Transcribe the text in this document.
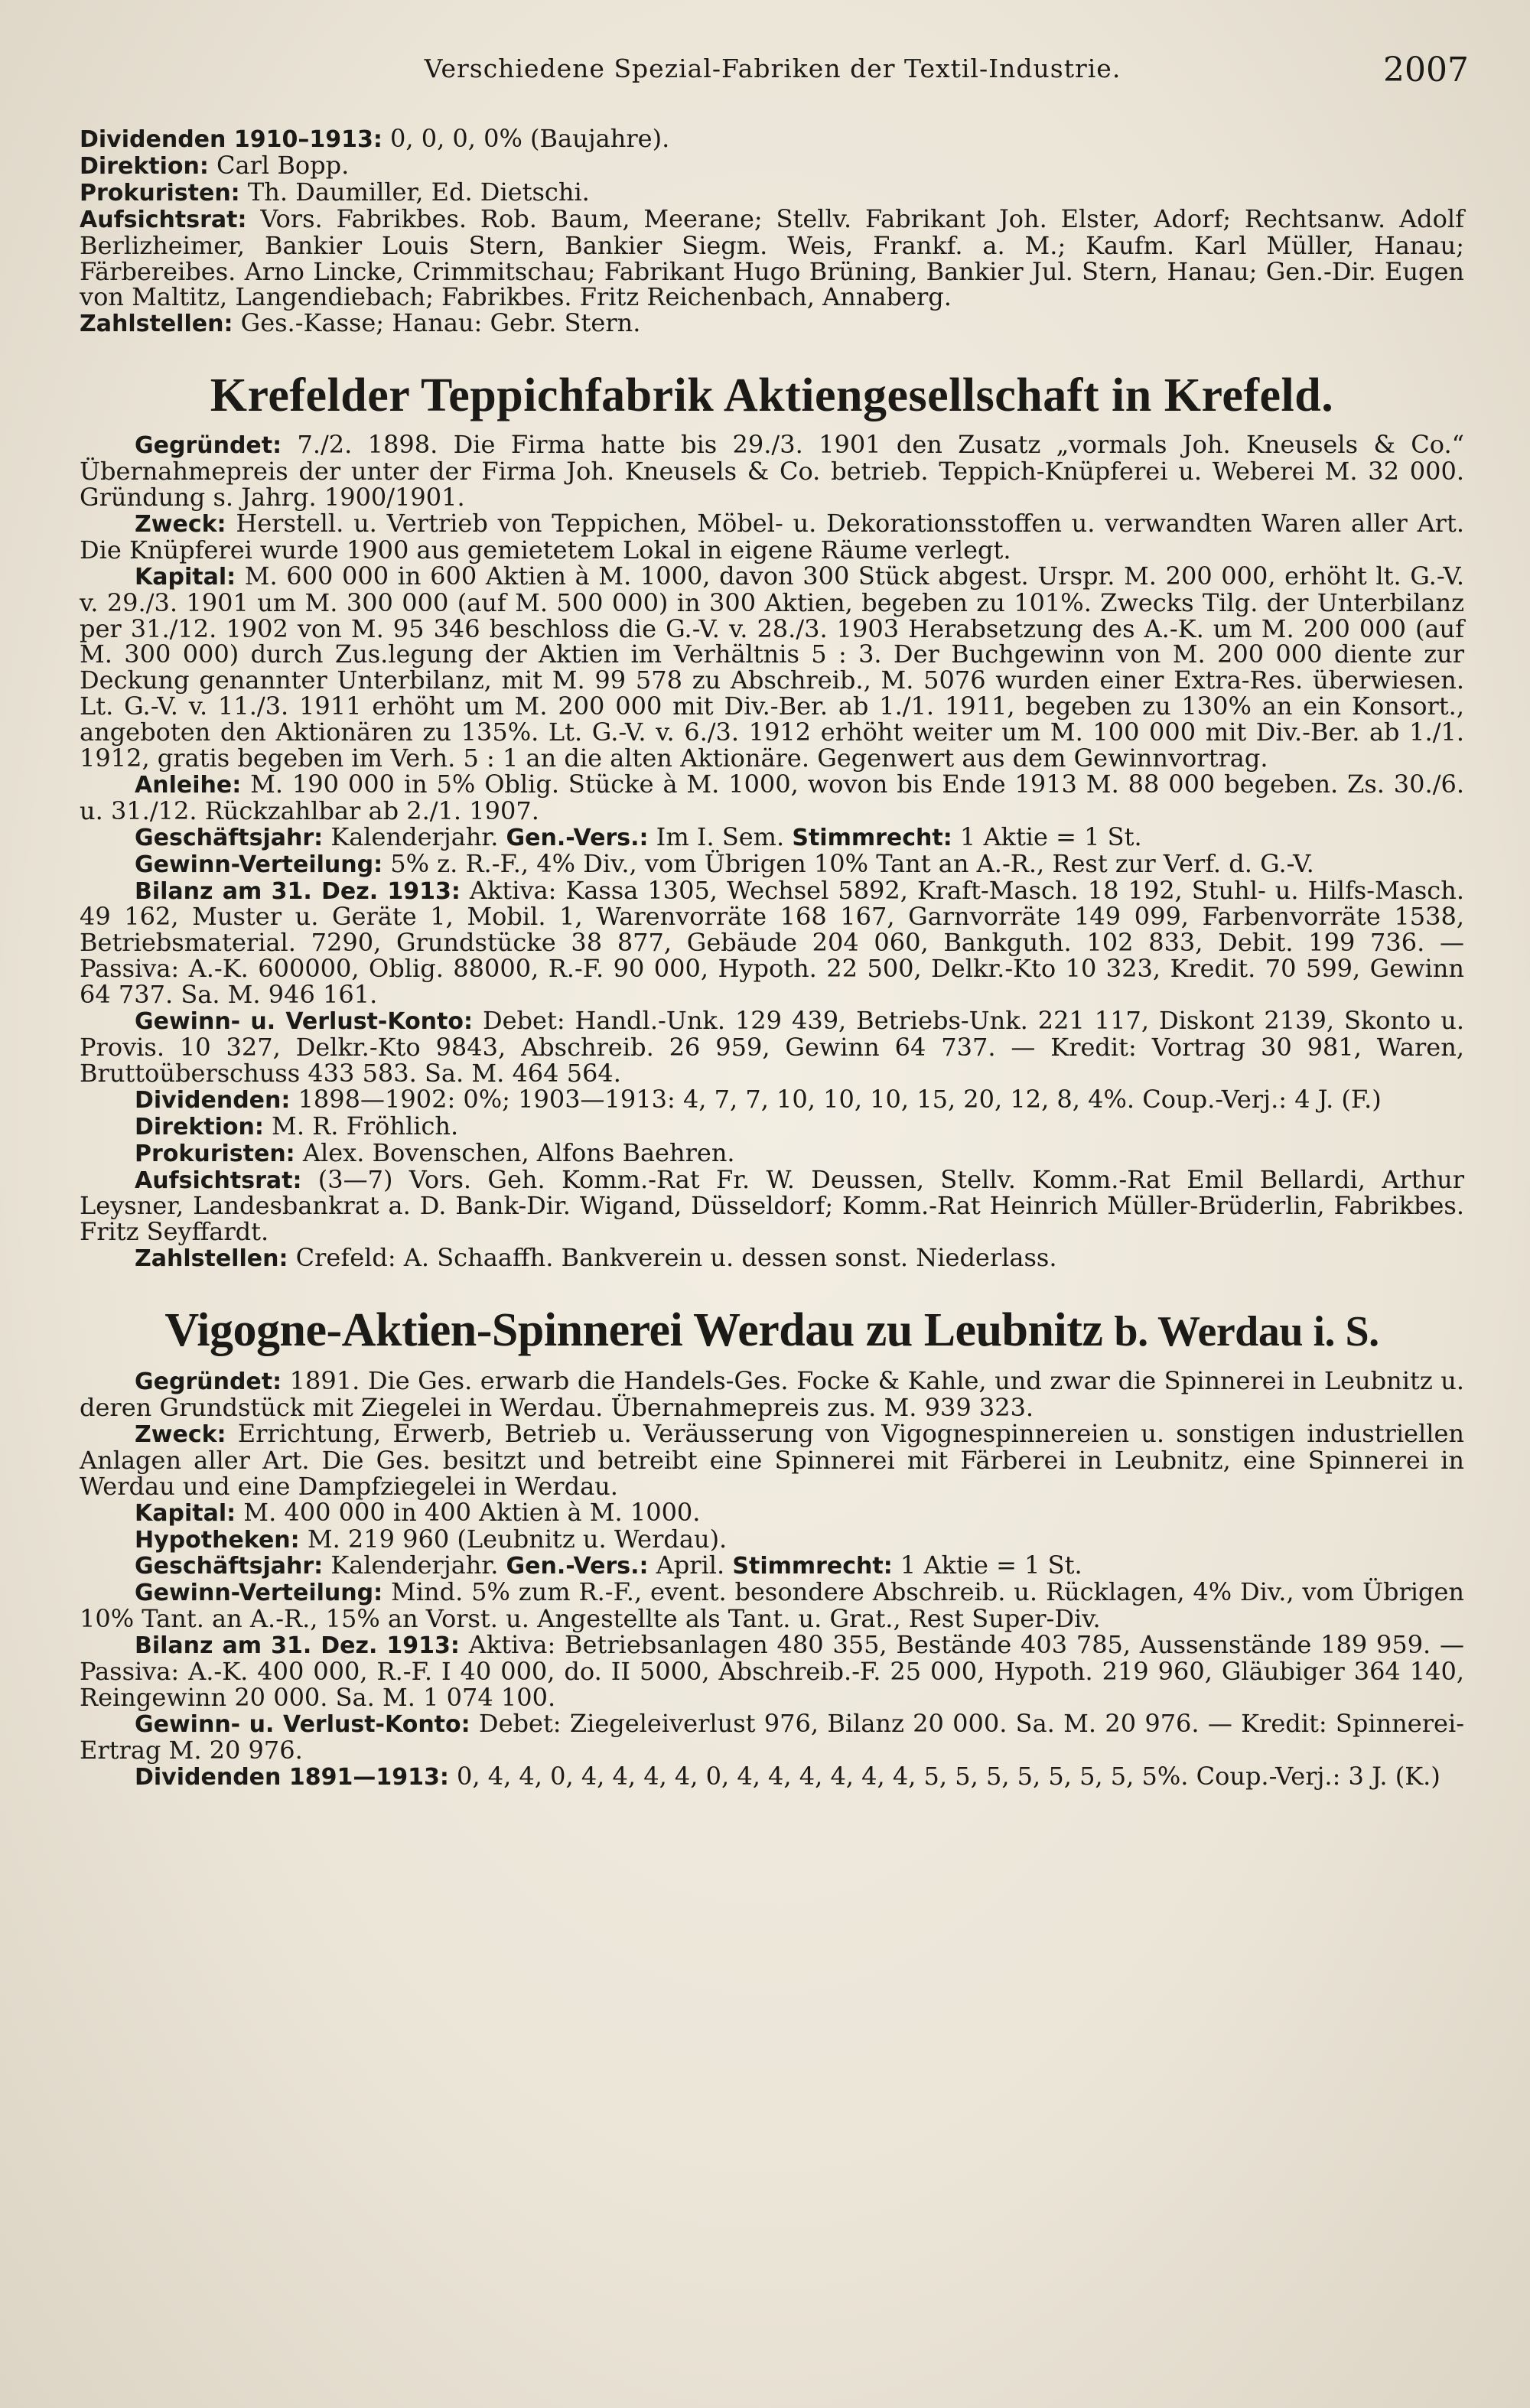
Verschiedene Spezial-Fabriken der Textil-Industrie.	2007

Dividenden 1910–1913: 0, 0, 0, 0% (Baujahre).

Direktion: Carl Bopp.

Prokuristen: Th. Daumiller, Ed. Dietschi.

Aufsichtsrat: Vors. Fabrikbes. Rob. Baum, Meerane; Stellv. Fabrikant Joh. Elster, Adorf; Rechtsanw. Adolf Berlizheimer, Bankier Louis Stern, Bankier Siegm. Weis, Frankf. a. M.; Kaufm. Karl Müller, Hanau; Färbereibes. Arno Lincke, Crimmitschau; Fabrikant Hugo Brüning, Bankier Jul. Stern, Hanau; Gen.-Dir. Eugen von Maltitz, Langendiebach; Fabrikbes. Fritz Reichenbach, Annaberg.

Zahlstellen: Ges.-Kasse; Hanau: Gebr. Stern.

Krefelder Teppichfabrik Aktiengesellschaft in Krefeld.

Gegründet: 7./2. 1898. Die Firma hatte bis 29./3. 1901 den Zusatz „vormals Joh. Kneusels & Co.“ Übernahmepreis der unter der Firma Joh. Kneusels & Co. betrieb. Teppich-Knüpferei u. Weberei M. 32 000. Gründung s. Jahrg. 1900/1901.

Zweck: Herstell. u. Vertrieb von Teppichen, Möbel- u. Dekorationsstoffen u. verwandten Waren aller Art. Die Knüpferei wurde 1900 aus gemietetem Lokal in eigene Räume verlegt.

Kapital: M. 600 000 in 600 Aktien à M. 1000, davon 300 Stück abgest. Urspr. M. 200 000, erhöht lt. G.-V. v. 29./3. 1901 um M. 300 000 (auf M. 500 000) in 300 Aktien, begeben zu 101%. Zwecks Tilg. der Unterbilanz per 31./12. 1902 von M. 95 346 beschloss die G.-V. v. 28./3. 1903 Herabsetzung des A.-K. um M. 200 000 (auf M. 300 000) durch Zus.legung der Aktien im Verhältnis 5 : 3. Der Buchgewinn von M. 200 000 diente zur Deckung genannter Unterbilanz, mit M. 99 578 zu Abschreib., M. 5076 wurden einer Extra-Res. überwiesen. Lt. G.-V. v. 11./3. 1911 erhöht um M. 200 000 mit Div.-Ber. ab 1./1. 1911, begeben zu 130% an ein Konsort., angeboten den Aktionären zu 135%. Lt. G.-V. v. 6./3. 1912 erhöht weiter um M. 100 000 mit Div.-Ber. ab 1./1. 1912, gratis begeben im Verh. 5 : 1 an die alten Aktionäre. Gegenwert aus dem Gewinnvortrag.

Anleihe: M. 190 000 in 5% Oblig. Stücke à M. 1000, wovon bis Ende 1913 M. 88 000 begeben. Zs. 30./6. u. 31./12. Rückzahlbar ab 2./1. 1907.

Geschäftsjahr: Kalenderjahr. Gen.-Vers.: Im I. Sem. Stimmrecht: 1 Aktie = 1 St.

Gewinn-Verteilung: 5% z. R.-F., 4% Div., vom Übrigen 10% Tant an A.-R., Rest zur Verf. d. G.-V.

Bilanz am 31. Dez. 1913: Aktiva: Kassa 1305, Wechsel 5892, Kraft-Masch. 18 192, Stuhl- u. Hilfs-Masch. 49 162, Muster u. Geräte 1, Mobil. 1, Warenvorräte 168 167, Garnvorräte 149 099, Farbenvorräte 1538, Betriebsmaterial. 7290, Grundstücke 38 877, Gebäude 204 060, Bankguth. 102 833, Debit. 199 736. — Passiva: A.-K. 600000, Oblig. 88000, R.-F. 90 000, Hypoth. 22 500, Delkr.-Kto 10 323, Kredit. 70 599, Gewinn 64 737. Sa. M. 946 161.

Gewinn- u. Verlust-Konto: Debet: Handl.-Unk. 129 439, Betriebs-Unk. 221 117, Diskont 2139, Skonto u. Provis. 10 327, Delkr.-Kto 9843, Abschreib. 26 959, Gewinn 64 737. — Kredit: Vortrag 30 981, Waren, Bruttoüberschuss 433 583. Sa. M. 464 564.

Dividenden: 1898—1902: 0%; 1903—1913: 4, 7, 7, 10, 10, 10, 15, 20, 12, 8, 4%. Coup.-Verj.: 4 J. (F.)

Direktion: M. R. Fröhlich.

Prokuristen: Alex. Bovenschen, Alfons Baehren.

Aufsichtsrat: (3—7) Vors. Geh. Komm.-Rat Fr. W. Deussen, Stellv. Komm.-Rat Emil Bellardi, Arthur Leysner, Landesbankrat a. D. Bank-Dir. Wigand, Düsseldorf; Komm.-Rat Heinrich Müller-Brüderlin, Fabrikbes. Fritz Seyffardt.

Zahlstellen: Crefeld: A. Schaaffh. Bankverein u. dessen sonst. Niederlass.

Vigogne-Aktien-Spinnerei Werdau zu Leubnitz b. Werdau i. S.

Gegründet: 1891. Die Ges. erwarb die Handels-Ges. Focke & Kahle, und zwar die Spinnerei in Leubnitz u. deren Grundstück mit Ziegelei in Werdau. Übernahmepreis zus. M. 939 323.

Zweck: Errichtung, Erwerb, Betrieb u. Veräusserung von Vigognespinnereien u. sonstigen industriellen Anlagen aller Art. Die Ges. besitzt und betreibt eine Spinnerei mit Färberei in Leubnitz, eine Spinnerei in Werdau und eine Dampfziegelei in Werdau.

Kapital: M. 400 000 in 400 Aktien à M. 1000.

Hypotheken: M. 219 960 (Leubnitz u. Werdau).

Geschäftsjahr: Kalenderjahr. Gen.-Vers.: April. Stimmrecht: 1 Aktie = 1 St.

Gewinn-Verteilung: Mind. 5% zum R.-F., event. besondere Abschreib. u. Rücklagen, 4% Div., vom Übrigen 10% Tant. an A.-R., 15% an Vorst. u. Angestellte als Tant. u. Grat., Rest Super-Div.

Bilanz am 31. Dez. 1913: Aktiva: Betriebsanlagen 480 355, Bestände 403 785, Aussenstände 189 959. — Passiva: A.-K. 400 000, R.-F. I 40 000, do. II 5000, Abschreib.-F. 25 000, Hypoth. 219 960, Gläubiger 364 140, Reingewinn 20 000. Sa. M. 1 074 100.

Gewinn- u. Verlust-Konto: Debet: Ziegeleiverlust 976, Bilanz 20 000. Sa. M. 20 976. — Kredit: Spinnerei-Ertrag M. 20 976.

Dividenden 1891—1913: 0, 4, 4, 0, 4, 4, 4, 4, 0, 4, 4, 4, 4, 4, 4, 5, 5, 5, 5, 5, 5, 5, 5%. Coup.-Verj.: 3 J. (K.)
